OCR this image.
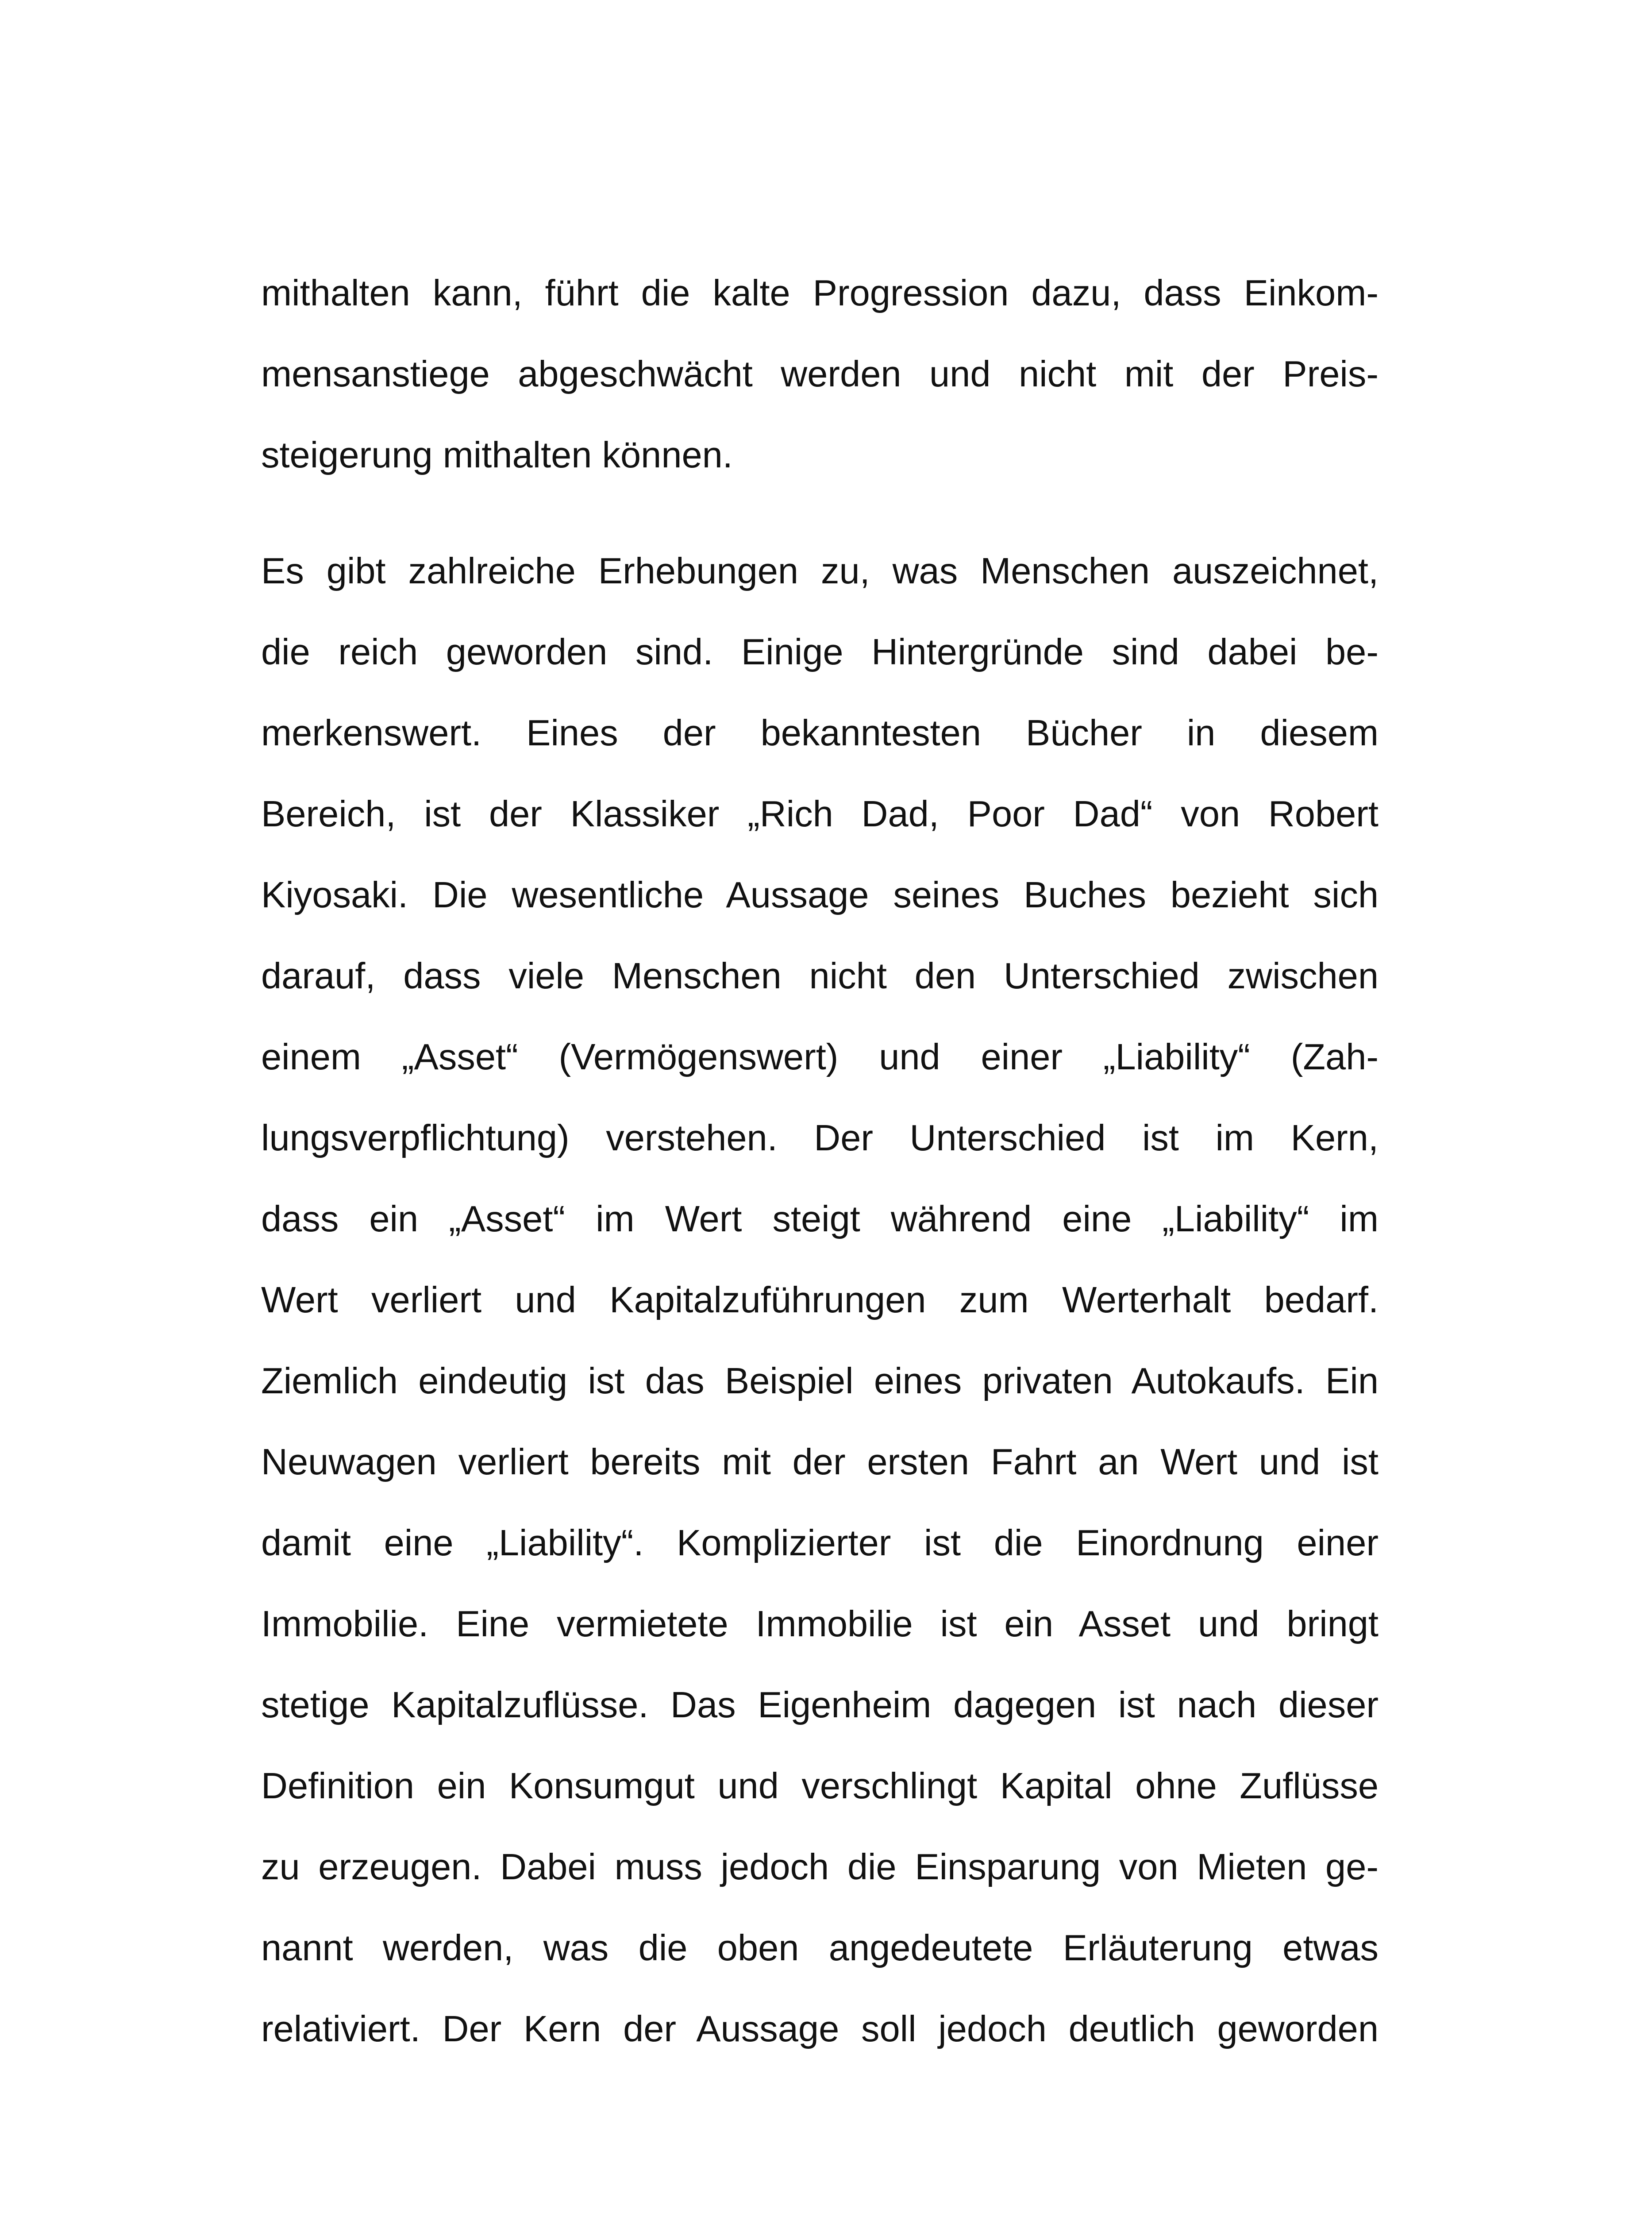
mithalten kann, führt die kalte Progression dazu, dass Einkom-
mensanstiege abgeschwächt werden und nicht mit der Preis-
steigerung mithalten können.
Es gibt zahlreiche Erhebungen zu, was Menschen auszeichnet,
die reich geworden sind. Einige Hintergründe sind dabei be-
merkenswert. Eines der bekanntesten Bücher in diesem
Bereich, ist der Klassiker „Rich Dad, Poor Dad“ von Robert
Kiyosaki. Die wesentliche Aussage seines Buches bezieht sich
darauf, dass viele Menschen nicht den Unterschied zwischen
einem „Asset“ (Vermögenswert) und einer „Liability“ (Zah-
lungsverpflichtung) verstehen. Der Unterschied ist im Kern,
dass ein „Asset“ im Wert steigt während eine „Liability“ im
Wert verliert und Kapitalzuführungen zum Werterhalt bedarf.
Ziemlich eindeutig ist das Beispiel eines privaten Autokaufs. Ein
Neuwagen verliert bereits mit der ersten Fahrt an Wert und ist
damit eine „Liability“. Komplizierter ist die Einordnung einer
Immobilie. Eine vermietete Immobilie ist ein Asset und bringt
stetige Kapitalzuflüsse. Das Eigenheim dagegen ist nach dieser
Definition ein Konsumgut und verschlingt Kapital ohne Zuflüsse
zu erzeugen. Dabei muss jedoch die Einsparung von Mieten ge-
nannt werden, was die oben angedeutete Erläuterung etwas
relativiert. Der Kern der Aussage soll jedoch deutlich geworden
